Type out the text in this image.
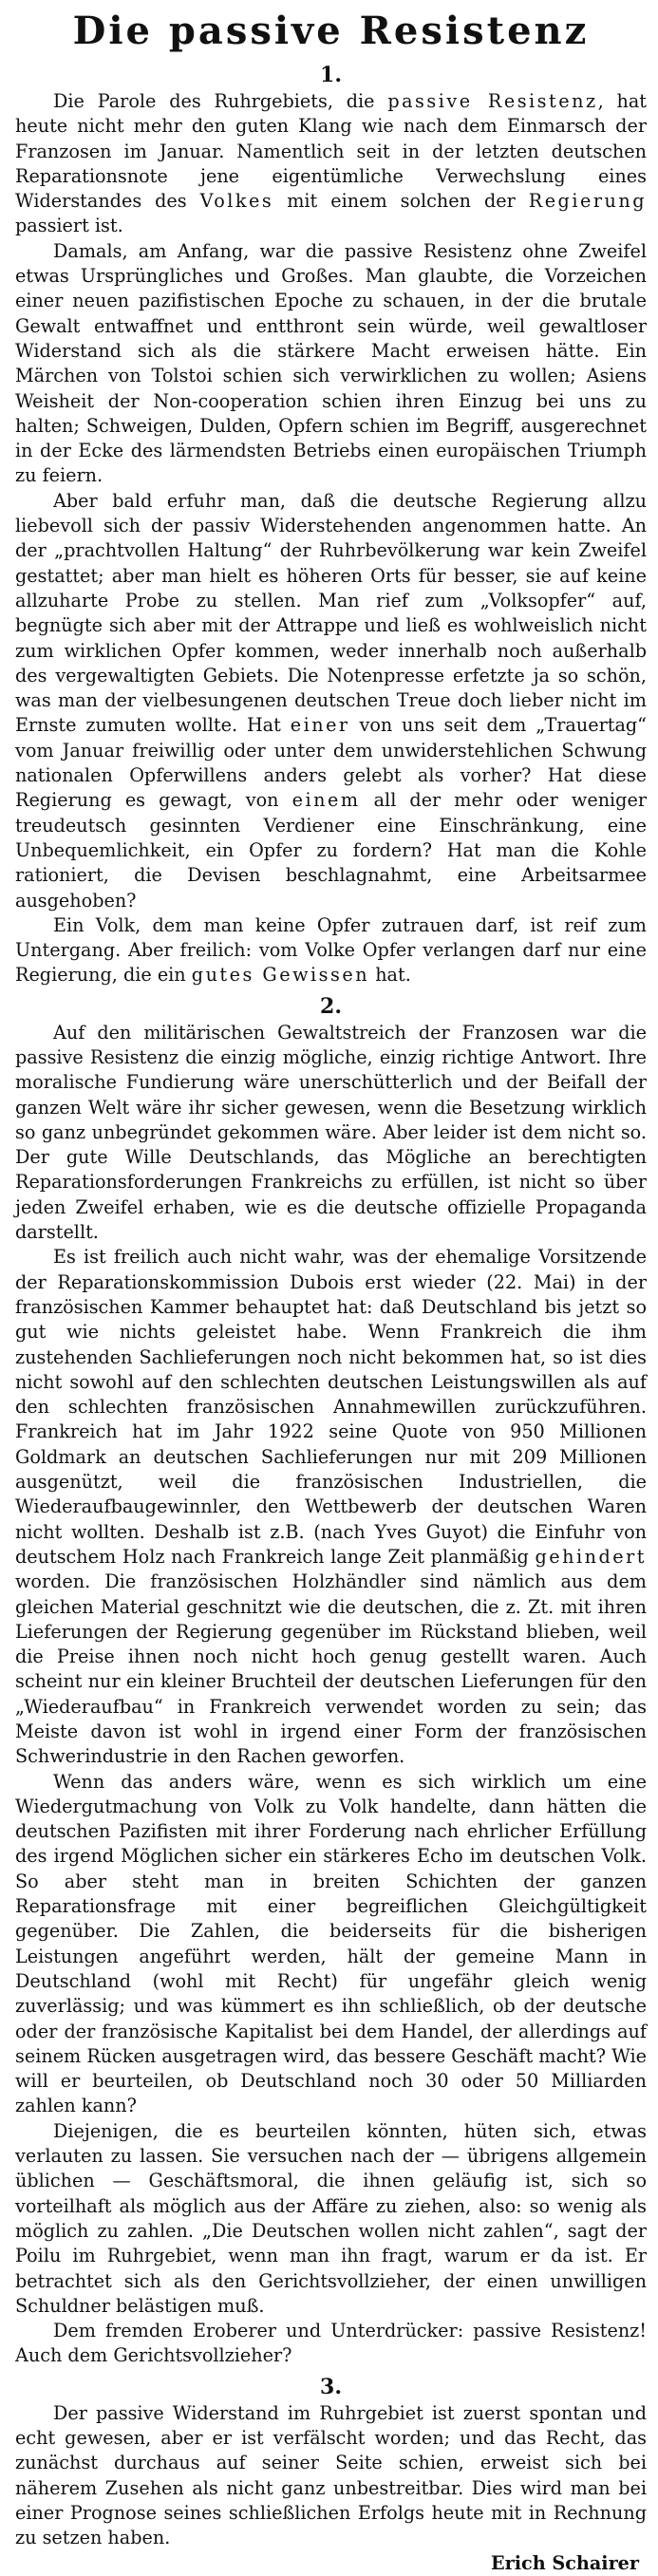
Die passive Resistenz
1.

Die Parole des Ruhrgebiets, die passive Resistenz, hat heute nicht mehr den guten Klang wie nach dem Einmarsch der Franzosen im Januar. Namentlich seit in der letzten deutschen Reparationsnote jene eigentümliche Verwechslung eines Widerstandes des Volkes mit einem solchen der Regierung passiert ist.

Damals, am Anfang, war die passive Resistenz ohne Zweifel etwas Ursprüngliches und Großes. Man glaubte, die Vorzeichen einer neuen pazifistischen Epoche zu schauen, in der die brutale Gewalt entwaffnet und entthront sein würde, weil gewaltloser Widerstand sich als die stärkere Macht erweisen hätte. Ein Märchen von Tolstoi schien sich verwirklichen zu wollen; Asiens Weisheit der Non-cooperation schien ihren Einzug bei uns zu halten; Schweigen, Dulden, Opfern schien im Begriff, ausgerechnet in der Ecke des lärmendsten Betriebs einen europäischen Triumph zu feiern.

Aber bald erfuhr man, daß die deutsche Regierung allzu liebevoll sich der passiv Widerstehenden angenommen hatte. An der „prachtvollen Haltung“ der Ruhrbevölkerung war kein Zweifel gestattet; aber man hielt es höheren Orts für besser, sie auf keine allzuharte Probe zu stellen. Man rief zum „Volksopfer“ auf, begnügte sich aber mit der Attrappe und ließ es wohlweislich nicht zum wirklichen Opfer kommen, weder innerhalb noch außerhalb des vergewaltigten Gebiets. Die Notenpresse erfetzte ja so schön, was man der vielbesungenen deutschen Treue doch lieber nicht im Ernste zumuten wollte. Hat einer von uns seit dem „Trauertag“ vom Januar freiwillig oder unter dem unwiderstehlichen Schwung nationalen Opferwillens anders gelebt als vorher? Hat diese Regierung es gewagt, von einem all der mehr oder weniger treudeutsch gesinnten Verdiener eine Einschränkung, eine Unbequemlichkeit, ein Opfer zu fordern? Hat man die Kohle rationiert, die Devisen beschlagnahmt, eine Arbeitsarmee ausgehoben?

Ein Volk, dem man keine Opfer zutrauen darf, ist reif zum Untergang. Aber freilich: vom Volke Opfer verlangen darf nur eine Regierung, die ein gutes Gewissen hat.

2.

Auf den militärischen Gewaltstreich der Franzosen war die passive Resistenz die einzig mögliche, einzig richtige Antwort. Ihre moralische Fundierung wäre unerschütterlich und der Beifall der ganzen Welt wäre ihr sicher gewesen, wenn die Besetzung wirklich so ganz unbegründet gekommen wäre. Aber leider ist dem nicht so. Der gute Wille Deutschlands, das Mögliche an berechtigten Reparationsforderungen Frankreichs zu erfüllen, ist nicht so über jeden Zweifel erhaben, wie es die deutsche offizielle Propaganda darstellt.

Es ist freilich auch nicht wahr, was der ehemalige Vorsitzende der Reparationskommission Dubois erst wieder (22. Mai) in der französischen Kammer behauptet hat: daß Deutschland bis jetzt so gut wie nichts geleistet habe. Wenn Frankreich die ihm zustehenden Sachlieferungen noch nicht bekommen hat, so ist dies nicht sowohl auf den schlechten deutschen Leistungswillen als auf den schlechten französischen Annahmewillen zurückzuführen. Frankreich hat im Jahr 1922 seine Quote von 950 Millionen Goldmark an deutschen Sachlieferungen nur mit 209 Millionen ausgenützt, weil die französischen Industriellen, die Wiederaufbaugewinnler, den Wettbewerb der deutschen Waren nicht wollten. Deshalb ist z.B. (nach Yves Guyot) die Einfuhr von deutschem Holz nach Frankreich lange Zeit planmäßig gehindert worden. Die französischen Holzhändler sind nämlich aus dem gleichen Material geschnitzt wie die deutschen, die z. Zt. mit ihren Lieferungen der Regierung gegenüber im Rückstand blieben, weil die Preise ihnen noch nicht hoch genug gestellt waren. Auch scheint nur ein kleiner Bruchteil der deutschen Lieferungen für den „Wiederaufbau“ in Frankreich verwendet worden zu sein; das Meiste davon ist wohl in irgend einer Form der französischen Schwerindustrie in den Rachen geworfen.

Wenn das anders wäre, wenn es sich wirklich um eine Wiedergutmachung von Volk zu Volk handelte, dann hätten die deutschen Pazifisten mit ihrer Forderung nach ehrlicher Erfüllung des irgend Möglichen sicher ein stärkeres Echo im deutschen Volk. So aber steht man in breiten Schichten der ganzen Reparationsfrage mit einer begreiflichen Gleichgültigkeit gegenüber. Die Zahlen, die beiderseits für die bisherigen Leistungen angeführt werden, hält der gemeine Mann in Deutschland (wohl mit Recht) für ungefähr gleich wenig zuverlässig; und was kümmert es ihn schließlich, ob der deutsche oder der französische Kapitalist bei dem Handel, der allerdings auf seinem Rücken ausgetragen wird, das bessere Geschäft macht? Wie will er beurteilen, ob Deutschland noch 30 oder 50 Milliarden zahlen kann?

Diejenigen, die es beurteilen könnten, hüten sich, etwas verlauten zu lassen. Sie versuchen nach der — übrigens allgemein üblichen — Geschäftsmoral, die ihnen geläufig ist, sich so vorteilhaft als möglich aus der Affäre zu ziehen, also: so wenig als möglich zu zahlen. „Die Deutschen wollen nicht zahlen“, sagt der Poilu im Ruhrgebiet, wenn man ihn fragt, warum er da ist. Er betrachtet sich als den Gerichtsvollzieher, der einen unwilligen Schuldner belästigen muß.

Dem fremden Eroberer und Unterdrücker: passive Resistenz! Auch dem Gerichtsvollzieher?

3.

Der passive Widerstand im Ruhrgebiet ist zuerst spontan und echt gewesen, aber er ist verfälscht worden; und das Recht, das zunächst durchaus auf seiner Seite schien, erweist sich bei näherem Zusehen als nicht ganz unbestreitbar. Dies wird man bei einer Prognose seines schließlichen Erfolgs heute mit in Rechnung zu setzen haben.

Erich Schairer
